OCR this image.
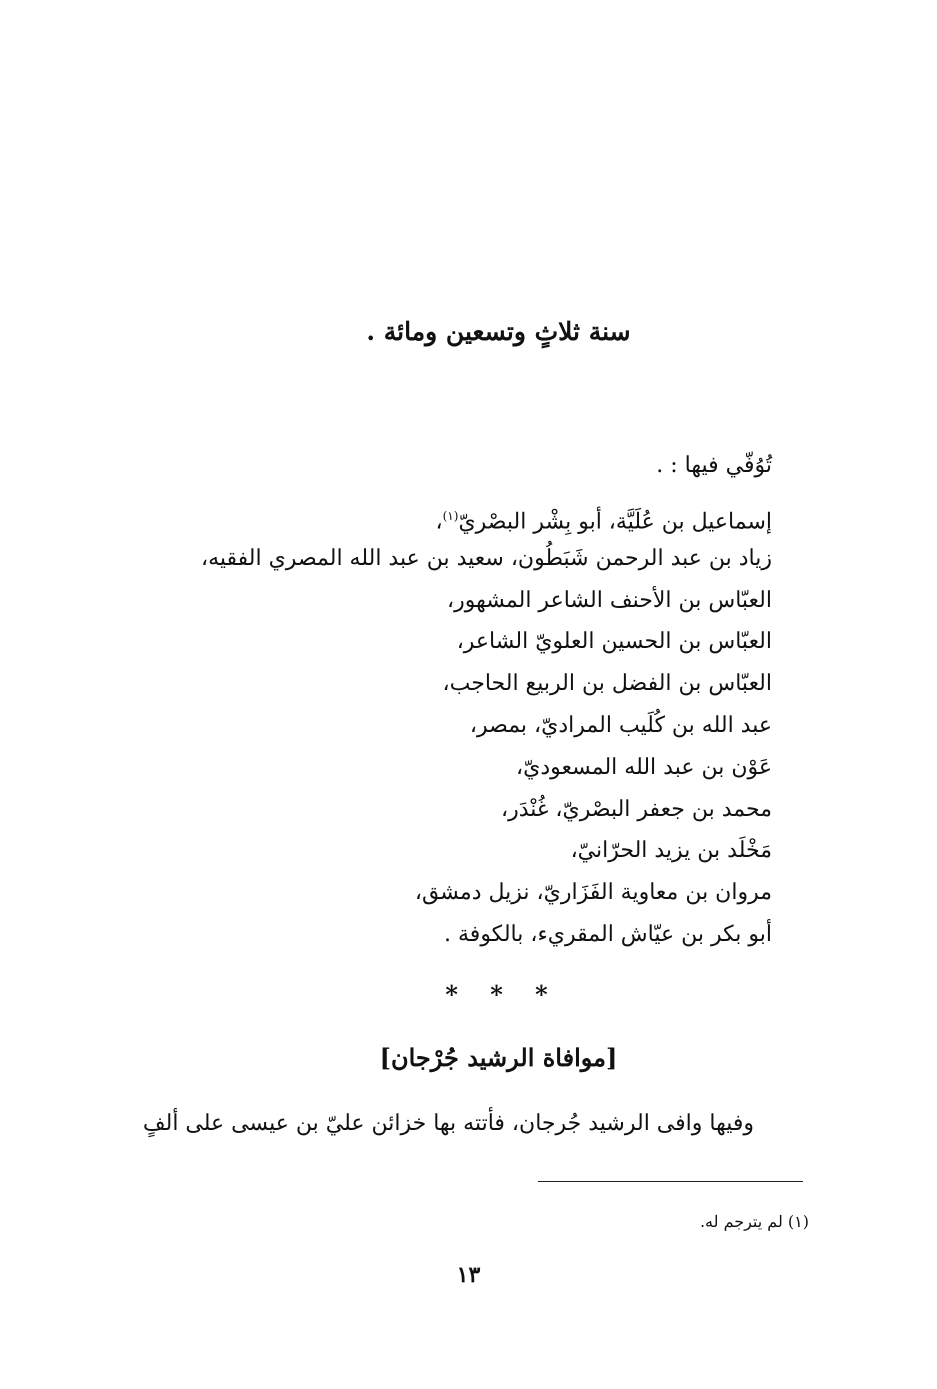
سنة ثلاثٍ وتسعين ومائة .
تُوُفّي فيها : .
إسماعيل بن عُلَيَّة، أبو بِشْر البصْريّ$^{(١)}$،
زياد بن عبد الرحمن شَبَطُون، سعيد بن عبد الله المصري الفقيه،
العبّاس بن الأحنف الشاعر المشهور،
العبّاس بن الحسين العلويّ الشاعر،
العبّاس بن الفضل بن الربيع الحاجب،
عبد الله بن كُلَيب المراديّ، بمصر،
عَوْن بن عبد الله المسعوديّ،
محمد بن جعفر البصْريّ، غُنْدَر،
مَخْلَد بن يزيد الحرّانيّ،
مروان بن معاوية الفَزَاريّ، نزيل دمشق،
أبو بكر بن عيّاش المقريء، بالكوفة .
* * *
[موافاة الرشيد جُرْجان]
وفيها وافى الرشيد جُرجان، فأتته بها خزائن عليّ بن عيسى على ألفٍ
(١) لم يترجم له.
١٣
